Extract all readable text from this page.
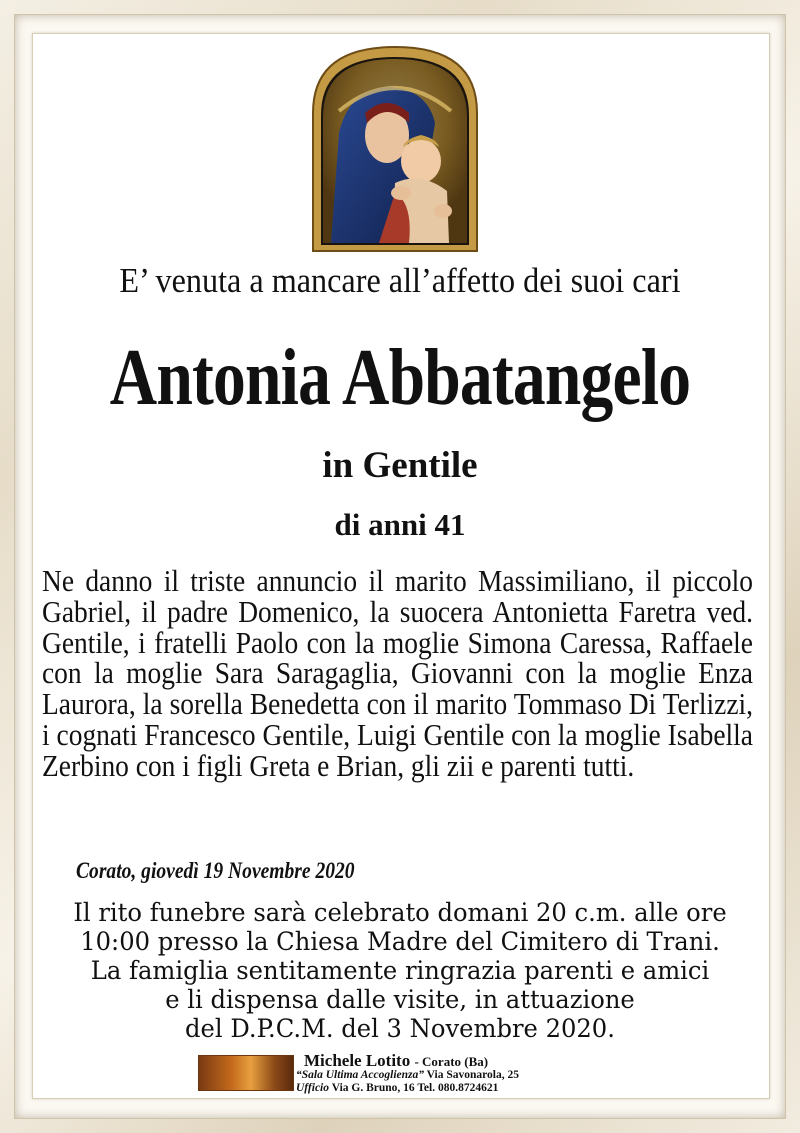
E’ venuta a mancare all’affetto dei suoi cari
Antonia Abbatangelo
in Gentile
di anni 41
Ne danno il triste annuncio il marito Massimiliano, il piccolo Gabriel, il padre Domenico, la suocera Antonietta Faretra ved. Gentile, i fratelli Paolo con la moglie Simona Caressa, Raffaele con la moglie Sara Saragaglia, Giovanni con la moglie Enza Laurora, la sorella Benedetta con il marito Tommaso Di Terlizzi, i cognati Francesco Gentile, Luigi Gentile con la moglie Isabella Zerbino con i figli Greta e Brian, gli zii e parenti tutti.
Corato, giovedì 19 Novembre 2020
Il rito funebre sarà celebrato domani 20 c.m. alle ore
10:00 presso la Chiesa Madre del Cimitero di Trani.
La famiglia sentitamente ringrazia parenti e amici
e li dispensa dalle visite, in attuazione
del D.P.C.M. del 3 Novembre 2020.
Michele Lotito - Corato (Ba)
“Sala Ultima Accoglienza” Via Savonarola, 25
Ufficio Via G. Bruno, 16 Tel. 080.8724621
